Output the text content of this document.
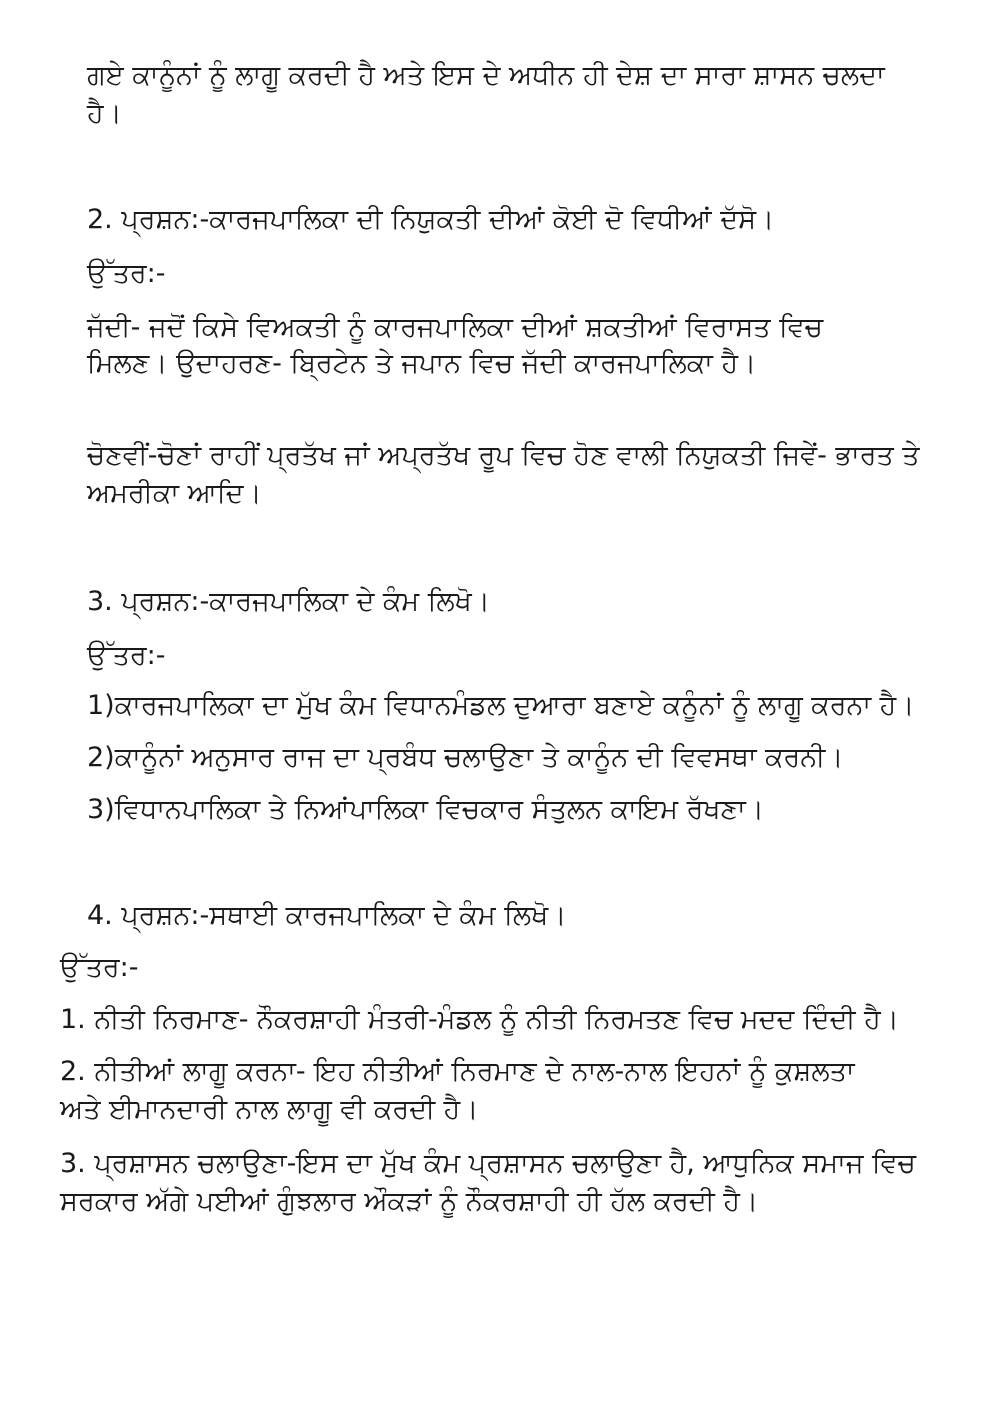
ਗਏ ਕਾਨੂੰਨਾਂ ਨੂੰ ਲਾਗੂ ਕਰਦੀ ਹੈ ਅਤੇ ਇਸ ਦੇ ਅਧੀਨ ਹੀ ਦੇਸ਼ ਦਾ ਸਾਰਾ ਸ਼ਾਸਨ ਚਲਦਾ

ਹੈ।

2. ਪ੍ਰਸ਼ਨ:-ਕਾਰਜਪਾਲਿਕਾ ਦੀ ਨਿਯੁਕਤੀ ਦੀਆਂ ਕੋਈ ਦੋ ਵਿਧੀਆਂ ਦੱਸੋ।

ਉੱਤਰ:-

ਜੱਦੀ- ਜਦੋਂ ਕਿਸੇ ਵਿਅਕਤੀ ਨੂੰ ਕਾਰਜਪਾਲਿਕਾ ਦੀਆਂ ਸ਼ਕਤੀਆਂ ਵਿਰਾਸਤ ਵਿਚ

ਮਿਲਣ। ਉਦਾਹਰਣ- ਬ੍ਰਿਟੇਨ ਤੇ ਜਪਾਨ ਵਿਚ ਜੱਦੀ ਕਾਰਜਪਾਲਿਕਾ ਹੈ।

ਚੋਣਵੀਂ-ਚੋਣਾਂ ਰਾਹੀਂ ਪ੍ਰਤੱਖ ਜਾਂ ਅਪ੍ਰਤੱਖ ਰੂਪ ਵਿਚ ਹੋਣ ਵਾਲੀ ਨਿਯੁਕਤੀ ਜਿਵੇਂ- ਭਾਰਤ ਤੇ

ਅਮਰੀਕਾ ਆਦਿ।

3. ਪ੍ਰਸ਼ਨ:-ਕਾਰਜਪਾਲਿਕਾ ਦੇ ਕੰਮ ਲਿਖੋ।

ਉੱਤਰ:-

1)ਕਾਰਜਪਾਲਿਕਾ ਦਾ ਮੁੱਖ ਕੰਮ ਵਿਧਾਨਮੰਡਲ ਦੁਆਰਾ ਬਣਾਏ ਕਨੂੰਨਾਂ ਨੂੰ ਲਾਗੂ ਕਰਨਾ ਹੈ।

2)ਕਾਨੂੰਨਾਂ ਅਨੁਸਾਰ ਰਾਜ ਦਾ ਪ੍ਰਬੰਧ ਚਲਾਉਣਾ ਤੇ ਕਾਨੂੰਨ ਦੀ ਵਿਵਸਥਾ ਕਰਨੀ।

3)ਵਿਧਾਨਪਾਲਿਕਾ ਤੇ ਨਿਆਂਪਾਲਿਕਾ ਵਿਚਕਾਰ ਸੰਤੁਲਨ ਕਾਇਮ ਰੱਖਣਾ।

4. ਪ੍ਰਸ਼ਨ:-ਸਥਾਈ ਕਾਰਜਪਾਲਿਕਾ ਦੇ ਕੰਮ ਲਿਖੋ।

ਉੱਤਰ:-

1. ਨੀਤੀ ਨਿਰਮਾਣ- ਨੌਕਰਸ਼ਾਹੀ ਮੰਤਰੀ-ਮੰਡਲ ਨੂੰ ਨੀਤੀ ਨਿਰਮਤਣ ਵਿਚ ਮਦਦ ਦਿੰਦੀ ਹੈ।

2. ਨੀਤੀਆਂ ਲਾਗੂ ਕਰਨਾ- ਇਹ ਨੀਤੀਆਂ ਨਿਰਮਾਣ ਦੇ ਨਾਲ-ਨਾਲ ਇਹਨਾਂ ਨੂੰ ਕੁਸ਼ਲਤਾ

ਅਤੇ ਈਮਾਨਦਾਰੀ ਨਾਲ ਲਾਗੂ ਵੀ ਕਰਦੀ ਹੈ।

3. ਪ੍ਰਸ਼ਾਸਨ ਚਲਾਉਣਾ-ਇਸ ਦਾ ਮੁੱਖ ਕੰਮ ਪ੍ਰਸ਼ਾਸਨ ਚਲਾਉਣਾ ਹੈ, ਆਧੁਨਿਕ ਸਮਾਜ ਵਿਚ

ਸਰਕਾਰ ਅੱਗੇ ਪਈਆਂ ਗੁੰਝਲਾਰ ਔਕੜਾਂ ਨੂੰ ਨੌਕਰਸ਼ਾਹੀ ਹੀ ਹੱਲ ਕਰਦੀ ਹੈ।
